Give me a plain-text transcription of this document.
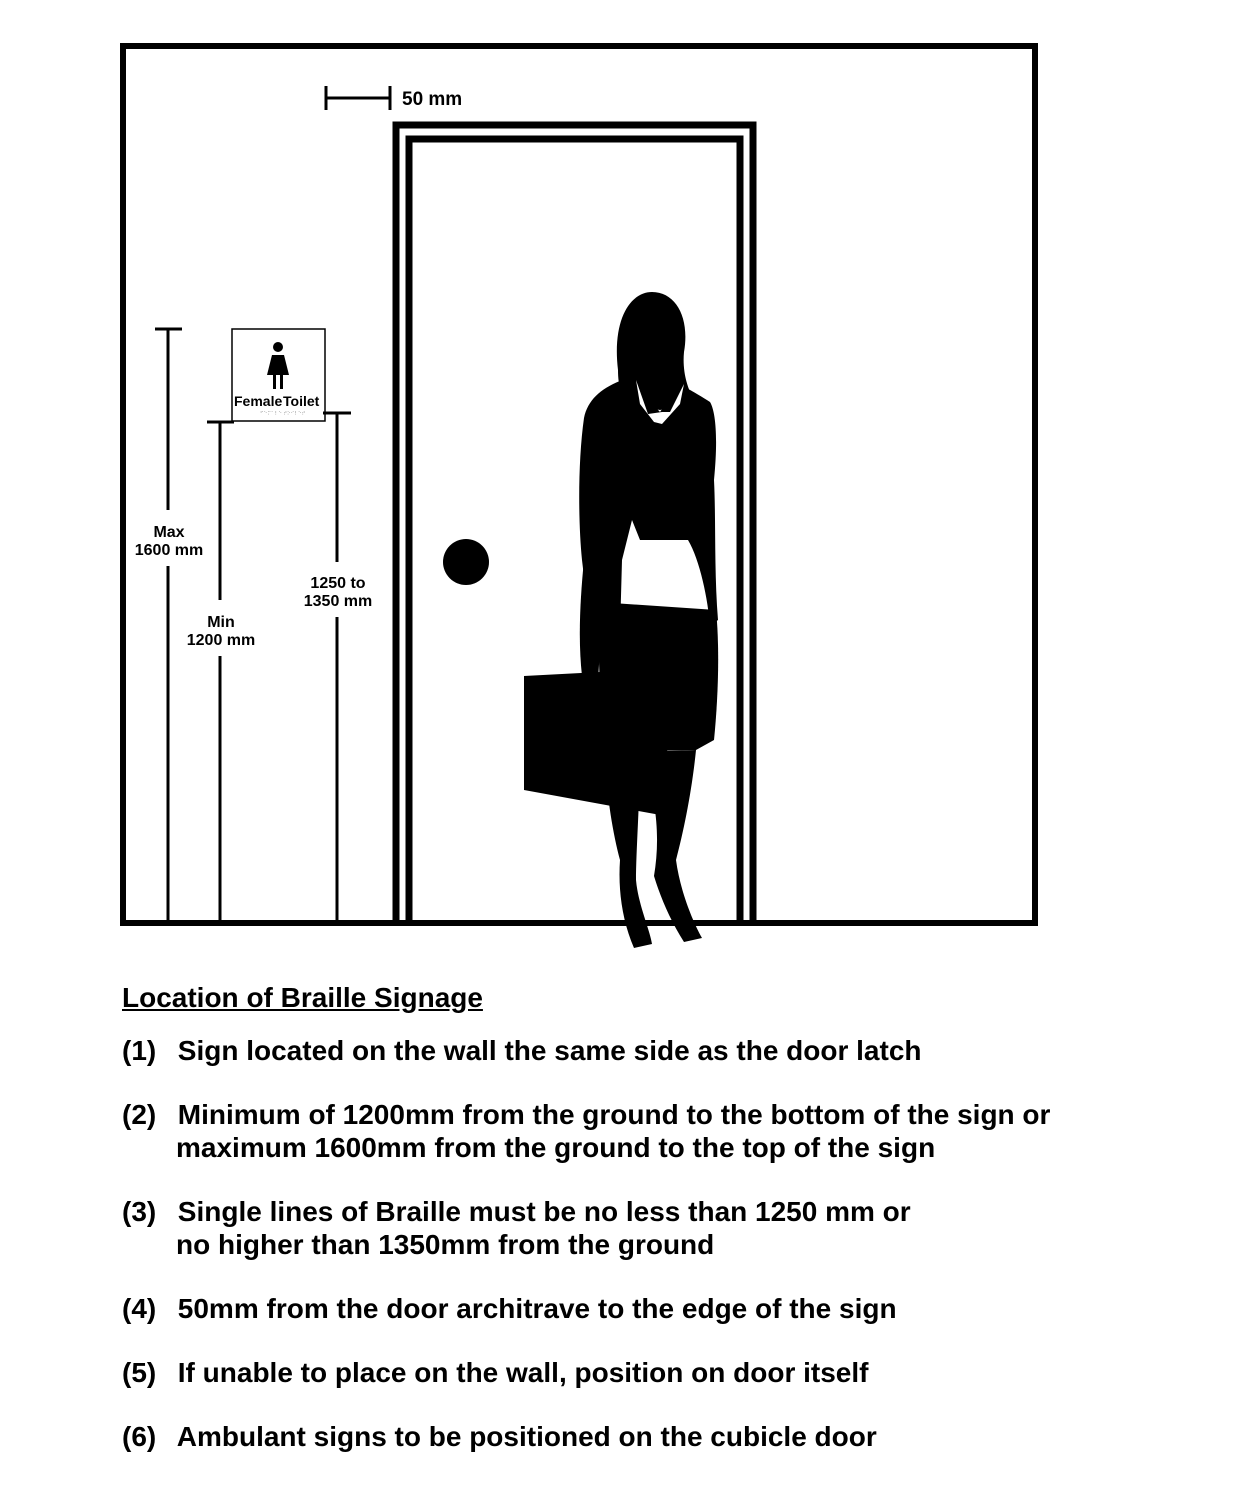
50 mm
Female Toilet
⠋⠑⠍⠁⠇⠑ ⠞⠕⠊⠇⠑⠞
Max
1600 mm
Min
1200 mm
1250 to
1350 mm
Location of Braille Signage
(1) Sign located on the wall the same side as the door latch
(2) Minimum of 1200mm from the ground to the bottom of the sign or
maximum 1600mm from the ground to the top of the sign
(3) Single lines of Braille must be no less than 1250 mm or
no higher than 1350mm from the ground
(4) 50mm from the door architrave to the edge of the sign
(5) If unable to place on the wall, position on door itself
(6) Ambulant signs to be positioned on the cubicle door
